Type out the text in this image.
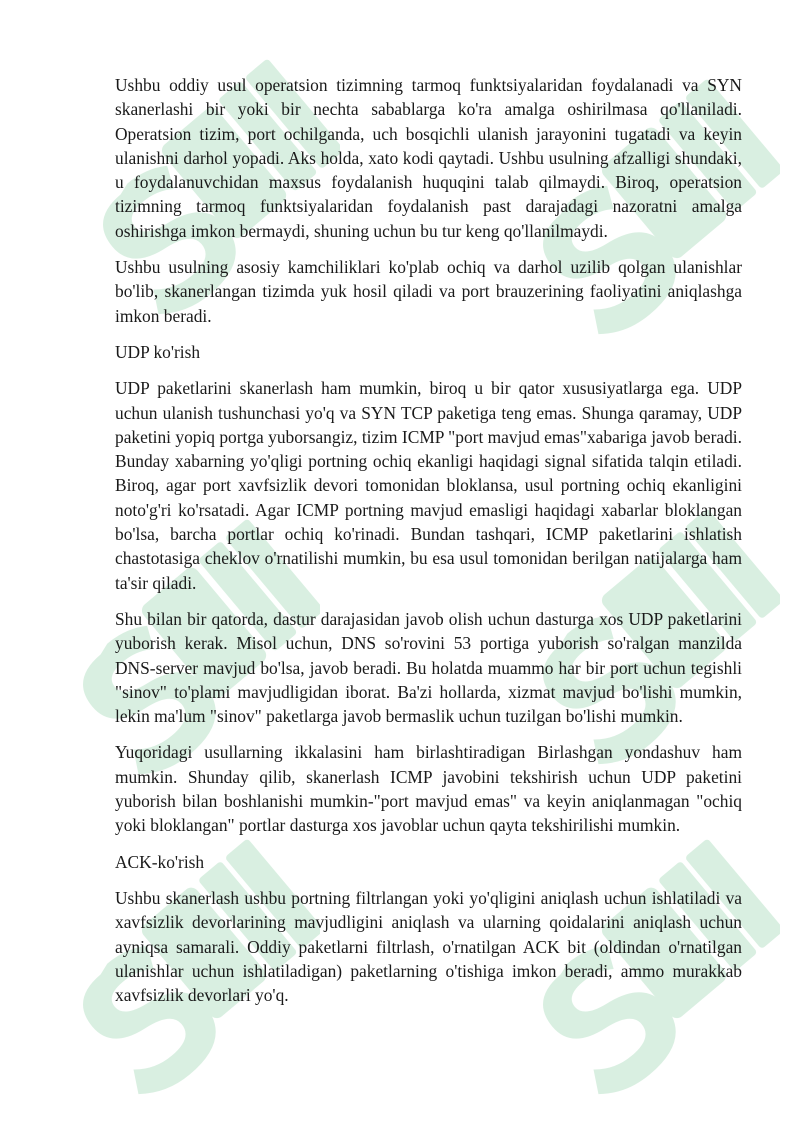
Ushbu oddiy usul operatsion tizimning tarmoq funktsiyalaridan foydalanadi va SYN skanerlashi bir yoki bir nechta sabablarga ko'ra amalga oshirilmasa qo'llaniladi. Operatsion tizim, port ochilganda, uch bosqichli ulanish jarayonini tugatadi va keyin ulanishni darhol yopadi. Aks holda, xato kodi qaytadi. Ushbu usulning afzalligi shundaki, u foydalanuvchidan maxsus foydalanish huquqini talab qilmaydi. Biroq, operatsion tizimning tarmoq funktsiyalaridan foydalanish past darajadagi nazoratni amalga oshirishga imkon bermaydi, shuning uchun bu tur keng qo'llanilmaydi.

Ushbu usulning asosiy kamchiliklari ko'plab ochiq va darhol uzilib qolgan ulanishlar bo'lib, skanerlangan tizimda yuk hosil qiladi va port brauzerining faoliyatini aniqlashga imkon beradi.

UDP ko'rish

UDP paketlarini skanerlash ham mumkin, biroq u bir qator xususiyatlarga ega. UDP uchun ulanish tushunchasi yo'q va SYN TCP paketiga teng emas. Shunga qaramay, UDP paketini yopiq portga yuborsangiz, tizim ICMP "port mavjud emas"xabariga javob beradi. Bunday xabarning yo'qligi portning ochiq ekanligi haqidagi signal sifatida talqin etiladi. Biroq, agar port xavfsizlik devori tomonidan bloklansa, usul portning ochiq ekanligini noto'g'ri ko'rsatadi. Agar ICMP portning mavjud emasligi haqidagi xabarlar bloklangan bo'lsa, barcha portlar ochiq ko'rinadi. Bundan tashqari, ICMP paketlarini ishlatish chastotasiga cheklov o'rnatilishi mumkin, bu esa usul tomonidan berilgan natijalarga ham ta'sir qiladi.

Shu bilan bir qatorda, dastur darajasidan javob olish uchun dasturga xos UDP paketlarini yuborish kerak. Misol uchun, DNS so'rovini 53 portiga yuborish so'ralgan manzilda DNS-server mavjud bo'lsa, javob beradi. Bu holatda muammo har bir port uchun tegishli "sinov" to'plami mavjudligidan iborat. Ba'zi hollarda, xizmat mavjud bo'lishi mumkin, lekin ma'lum "sinov" paketlarga javob bermaslik uchun tuzilgan bo'lishi mumkin.

Yuqoridagi usullarning ikkalasini ham birlashtiradigan Birlashgan yondashuv ham mumkin. Shunday qilib, skanerlash ICMP javobini tekshirish uchun UDP paketini yuborish bilan boshlanishi mumkin-"port mavjud emas" va keyin aniqlanmagan "ochiq yoki bloklangan" portlar dasturga xos javoblar uchun qayta tekshirilishi mumkin.

ACK-ko'rish

Ushbu skanerlash ushbu portning filtrlangan yoki yo'qligini aniqlash uchun ishlatiladi va xavfsizlik devorlarining mavjudligini aniqlash va ularning qoidalarini aniqlash uchun ayniqsa samarali. Oddiy paketlarni filtrlash, o'rnatilgan ACK bit (oldindan o'rnatilgan ulanishlar uchun ishlatiladigan) paketlarning o'tishiga imkon beradi, ammo murakkab xavfsizlik devorlari yo'q.
